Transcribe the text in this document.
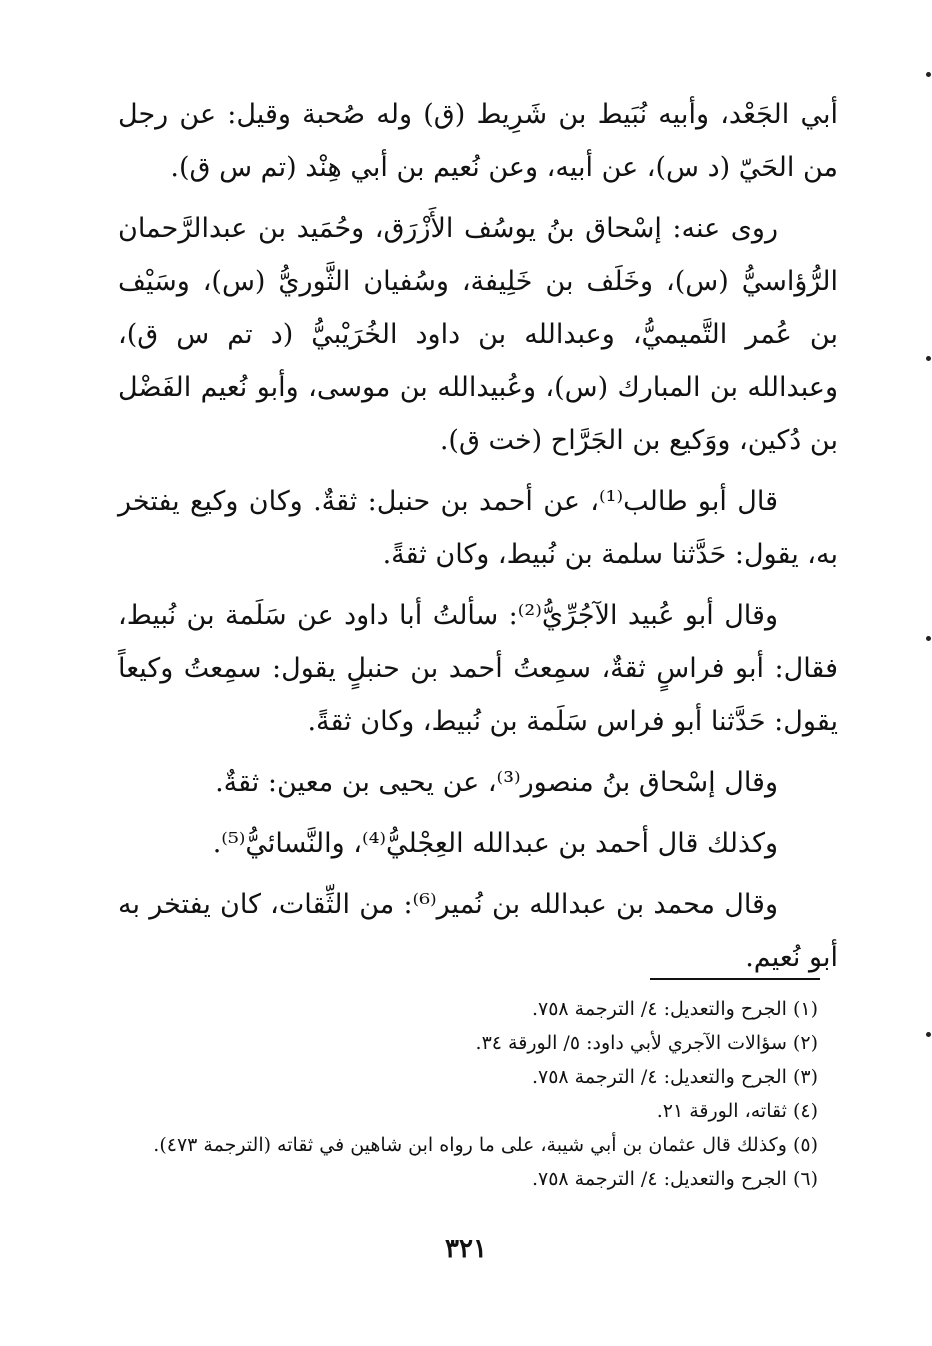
أبي الجَعْد، وأبيه نُبَيط بن شَرِيط (ق) وله صُحبة وقيل: عن رجل من الحَيّ (د س)، عن أبيه، وعن نُعيم بن أبي هِنْد (تم س ق).

روى عنه: إسْحاق بنُ يوسُف الأَزْرَق، وحُمَيد بن عبدالرَّحمان الرُّؤاسيُّ (س)، وخَلَف بن خَلِيفة، وسُفيان الثَّوريُّ (س)، وسَيْف بن عُمر التَّميميُّ، وعبدالله بن داود الخُرَيْبيُّ (د تم س ق)، وعبدالله بن المبارك (س)، وعُبيدالله بن موسى، وأبو نُعيم الفَضْل بن دُكين، ووَكيع بن الجَرَّاح (خت ق).

قال أبو طالب⁽¹⁾، عن أحمد بن حنبل: ثقةٌ. وكان وكيع يفتخر به، يقول: حَدَّثنا سلمة بن نُبيط، وكان ثقةً.

وقال أبو عُبيد الآجُرِّيُّ⁽²⁾: سألتُ أبا داود عن سَلَمة بن نُبيط، فقال: أبو فراسٍ ثقةٌ، سمِعتُ أحمد بن حنبلٍ يقول: سمِعتُ وكيعاً يقول: حَدَّثنا أبو فراس سَلَمة بن نُبيط، وكان ثقةً.

وقال إسْحاق بنُ منصور⁽³⁾، عن يحيى بن معين: ثقةٌ.

وكذلك قال أحمد بن عبدالله العِجْليُّ⁽⁴⁾، والنَّسائيُّ⁽⁵⁾.

وقال محمد بن عبدالله بن نُمير⁽⁶⁾: من الثِّقات، كان يفتخر به أبو نُعيم.

(١) الجرح والتعديل: ٤/ الترجمة ٧٥٨.
(٢) سؤالات الآجري لأبي داود: ٥/ الورقة ٣٤.
(٣) الجرح والتعديل: ٤/ الترجمة ٧٥٨.
(٤) ثقاته، الورقة ٢١.
(٥) وكذلك قال عثمان بن أبي شيبة، على ما رواه ابن شاهين في ثقاته (الترجمة ٤٧٣).
(٦) الجرح والتعديل: ٤/ الترجمة ٧٥٨.
٣٢١
